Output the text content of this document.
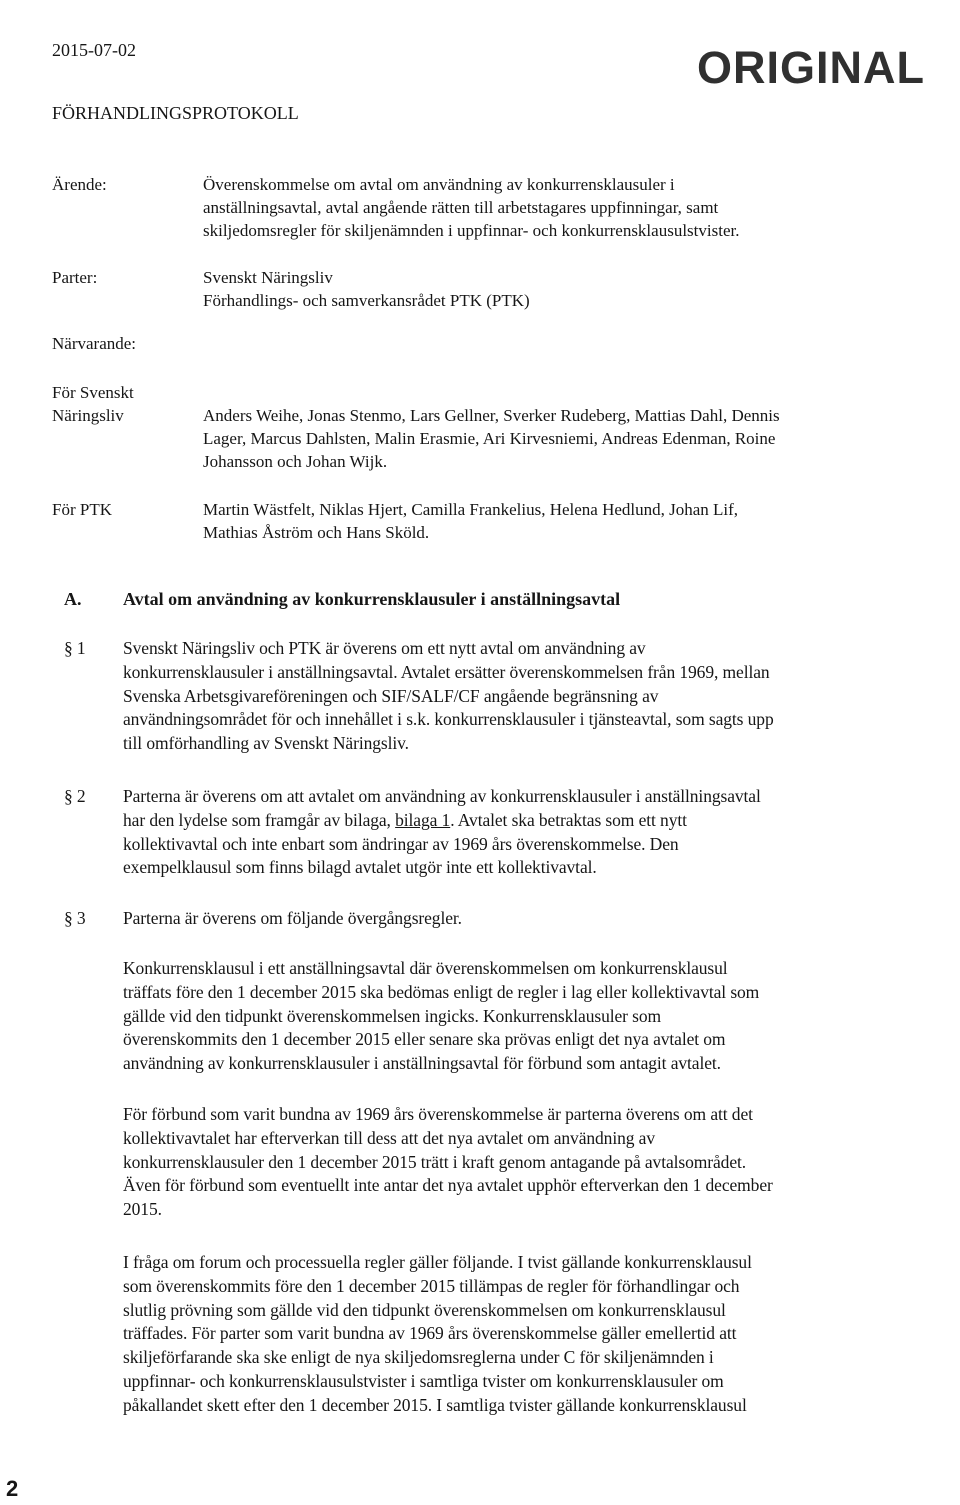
2015-07-02	ORIGINAL
FÖRHANDLINGSPROTOKOLL
Ärende:	Överenskommelse om avtal om användning av konkurrensklausuler i
anställningsavtal, avtal angående rätten till arbetstagares uppfinningar, samt
skiljedomsregler för skiljenämnden i uppfinnar- och konkurrensklausulstvister.
Parter:	Svenskt Näringsliv
Förhandlings- och samverkansrådet PTK (PTK)
Närvarande:
För Svenskt
Näringsliv	Anders Weihe, Jonas Stenmo, Lars Gellner, Sverker Rudeberg, Mattias Dahl, Dennis
Lager, Marcus Dahlsten, Malin Erasmie, Ari Kirvesniemi, Andreas Edenman, Roine
Johansson och Johan Wijk.
För PTK	Martin Wästfelt, Niklas Hjert, Camilla Frankelius, Helena Hedlund, Johan Lif,
Mathias Åström och Hans Sköld.
A. Avtal om användning av konkurrensklausuler i anställningsavtal
§ 1 Svenskt Näringsliv och PTK är överens om ett nytt avtal om användning av
konkurrensklausuler i anställningsavtal. Avtalet ersätter överenskommelsen från 1969, mellan
Svenska Arbetsgivareföreningen och SIF/SALF/CF angående begränsning av
användningsområdet för och innehållet i s.k. konkurrensklausuler i tjänsteavtal, som sagts upp
till omförhandling av Svenskt Näringsliv.
§ 2 Parterna är överens om att avtalet om användning av konkurrensklausuler i anställningsavtal
har den lydelse som framgår av bilaga, bilaga 1. Avtalet ska betraktas som ett nytt
kollektivavtal och inte enbart som ändringar av 1969 års överenskommelse. Den
exempelklausul som finns bilagd avtalet utgör inte ett kollektivavtal.
§ 3 Parterna är överens om följande övergångsregler.
Konkurrensklausul i ett anställningsavtal där överenskommelsen om konkurrensklausul
träffats före den 1 december 2015 ska bedömas enligt de regler i lag eller kollektivavtal som
gällde vid den tidpunkt överenskommelsen ingicks. Konkurrensklausuler som
överenskommits den 1 december 2015 eller senare ska prövas enligt det nya avtalet om
användning av konkurrensklausuler i anställningsavtal för förbund som antagit avtalet.
För förbund som varit bundna av 1969 års överenskommelse är parterna överens om att det
kollektivavtalet har efterverkan till dess att det nya avtalet om användning av
konkurrensklausuler den 1 december 2015 trätt i kraft genom antagande på avtalsområdet.
Även för förbund som eventuellt inte antar det nya avtalet upphör efterverkan den 1 december
2015.
I fråga om forum och processuella regler gäller följande. I tvist gällande konkurrensklausul
som överenskommits före den 1 december 2015 tillämpas de regler för förhandlingar och
slutlig prövning som gällde vid den tidpunkt överenskommelsen om konkurrensklausul
träffades. För parter som varit bundna av 1969 års överenskommelse gäller emellertid att
skiljeförfarande ska ske enligt de nya skiljedomsreglerna under C för skiljenämnden i
uppfinnar- och konkurrensklausulstvister i samtliga tvister om konkurrensklausuler om
påkallandet skett efter den 1 december 2015. I samtliga tvister gällande konkurrensklausul
2
